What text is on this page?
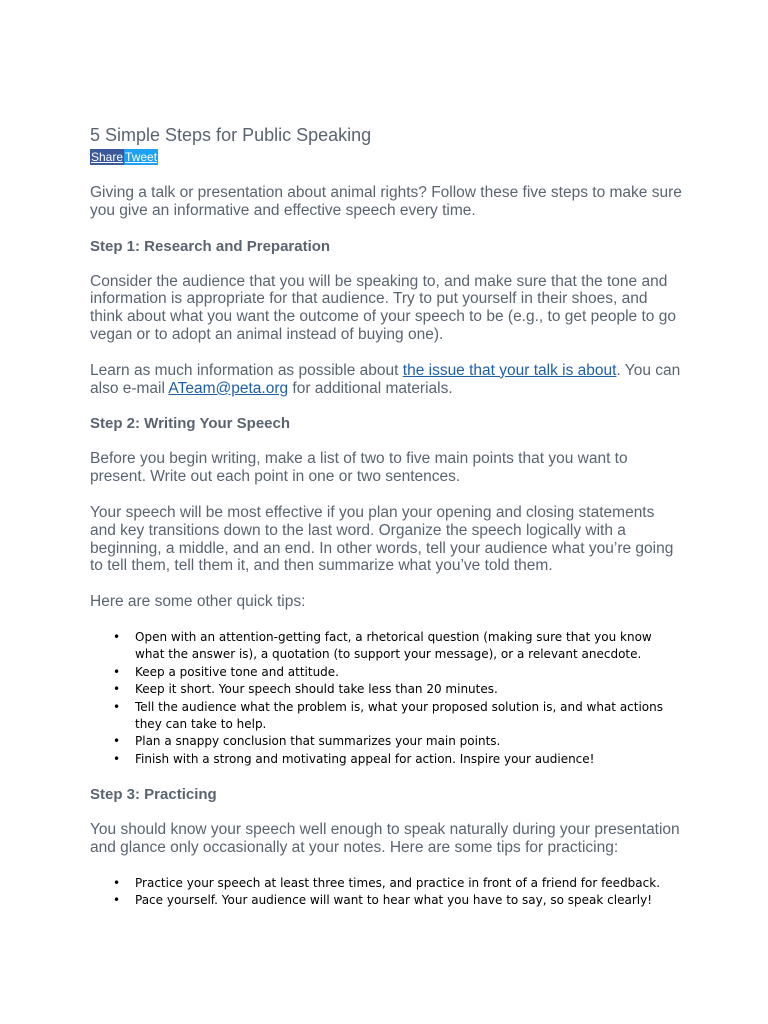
5 Simple Steps for Public Speaking
Share Tweet

Giving a talk or presentation about animal rights? Follow these five steps to make sure you give an informative and effective speech every time.

Step 1: Research and Preparation

Consider the audience that you will be speaking to, and make sure that the tone and information is appropriate for that audience. Try to put yourself in their shoes, and think about what you want the outcome of your speech to be (e.g., to get people to go vegan or to adopt an animal instead of buying one).

Learn as much information as possible about the issue that your talk is about. You can also e-mail ATeam@peta.org for additional materials.

Step 2: Writing Your Speech

Before you begin writing, make a list of two to five main points that you want to present. Write out each point in one or two sentences.

Your speech will be most effective if you plan your opening and closing statements and key transitions down to the last word. Organize the speech logically with a beginning, a middle, and an end. In other words, tell your audience what you’re going to tell them, tell them it, and then summarize what you’ve told them.

Here are some other quick tips:

• Open with an attention-getting fact, a rhetorical question (making sure that you know what the answer is), a quotation (to support your message), or a relevant anecdote.
• Keep a positive tone and attitude.
• Keep it short. Your speech should take less than 20 minutes.
• Tell the audience what the problem is, what your proposed solution is, and what actions they can take to help.
• Plan a snappy conclusion that summarizes your main points.
• Finish with a strong and motivating appeal for action. Inspire your audience!
Step 3: Practicing

You should know your speech well enough to speak naturally during your presentation and glance only occasionally at your notes. Here are some tips for practicing:

• Practice your speech at least three times, and practice in front of a friend for feedback.
• Pace yourself. Your audience will want to hear what you have to say, so speak clearly!
